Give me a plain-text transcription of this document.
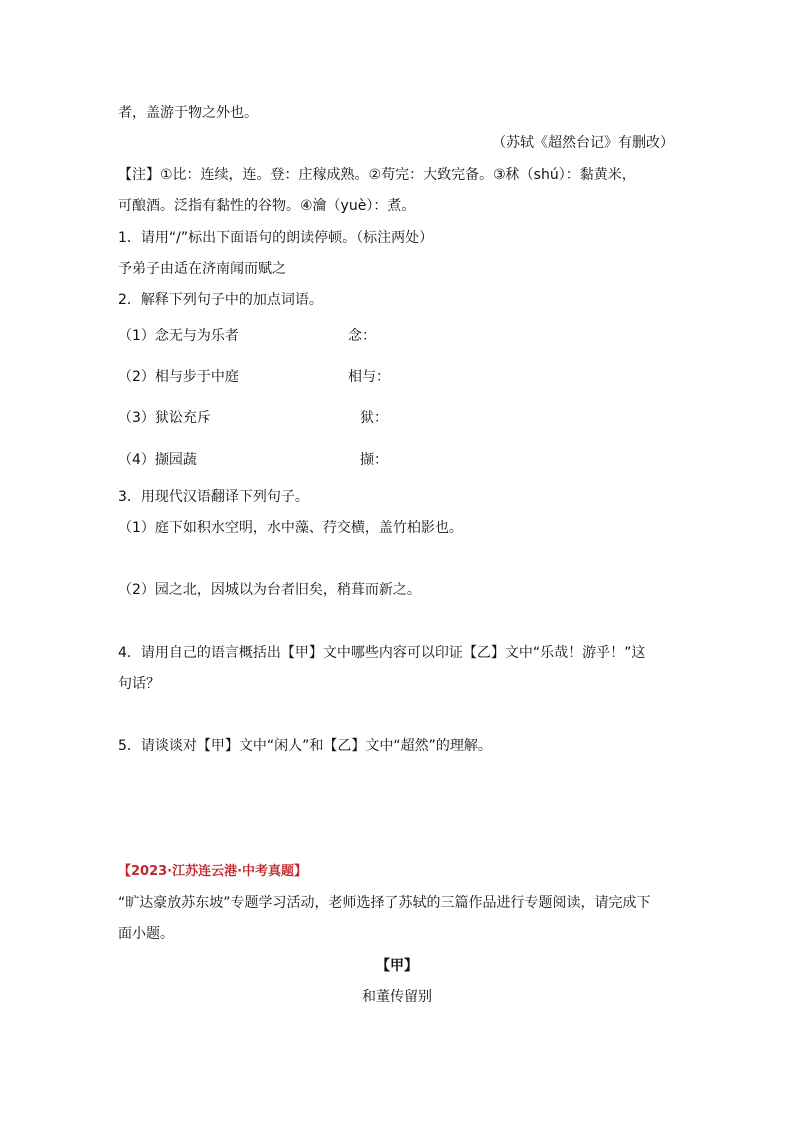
者，盖游于物之外也。
（苏轼《超然台记》有删改）
【注】①比：连续，连。登：庄稼成熟。②苟完：大致完备。③秫（shú）：黏黄米，
可酿酒。泛指有黏性的谷物。④瀹（yuè）：煮。
1．请用“/”标出下面语句的朗读停顿。（标注两处）
予弟子由适在济南闻而赋之
2．解释下列句子中的加点词语。
（1）念无与为乐者	念：
（2）相与步于中庭	相与：
（3）狱讼充斥	狱：
（4）撷园蔬	撷：
3．用现代汉语翻译下列句子。
（1）庭下如积水空明，水中藻、荇交横，盖竹柏影也。
（2）园之北，因城以为台者旧矣，稍葺而新之。
4．请用自己的语言概括出【甲】文中哪些内容可以印证【乙】文中“乐哉！游乎！”这
句话？
5．请谈谈对【甲】文中“闲人”和【乙】文中“超然”的理解。
【2023·江苏连云港·中考真题】
“旷达豪放苏东坡”专题学习活动，老师选择了苏轼的三篇作品进行专题阅读，请完成下
面小题。
【甲】
和董传留别
